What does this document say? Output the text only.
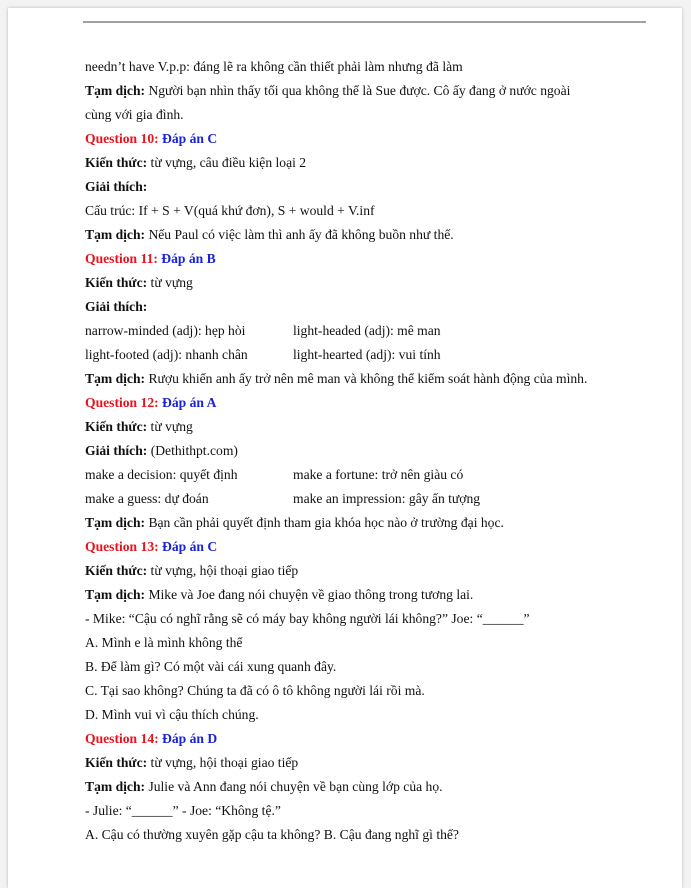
needn’t have V.p.p: đáng lẽ ra không cần thiết phải làm nhưng đã làm
Tạm dịch: Người bạn nhìn thấy tối qua không thể là Sue được. Cô ấy đang ở nước ngoài
cùng với gia đình.
Question 10: Đáp án C
Kiến thức: từ vựng, câu điều kiện loại 2
Giải thích:
Cấu trúc: If + S + V(quá khứ đơn), S + would + V.inf
Tạm dịch: Nếu Paul có việc làm thì anh ấy đã không buồn như thế.
Question 11: Đáp án B
Kiến thức: từ vựng
Giải thích:
narrow-minded (adj): hẹp hòi	light-headed (adj): mê man
light-footed (adj): nhanh chân	light-hearted (adj): vui tính
Tạm dịch: Rượu khiến anh ấy trở nên mê man và không thể kiểm soát hành động của mình.
Question 12: Đáp án A
Kiến thức: từ vựng
Giải thích: (Dethithpt.com)
make a decision: quyết định	make a fortune: trở nên giàu có
make a guess: dự đoán	make an impression: gây ấn tượng
Tạm dịch: Bạn cần phải quyết định tham gia khóa học nào ở trường đại học.
Question 13: Đáp án C
Kiến thức: từ vựng, hội thoại giao tiếp
Tạm dịch: Mike và Joe đang nói chuyện về giao thông trong tương lai.
- Mike: “Cậu có nghĩ rằng sẽ có máy bay không người lái không?” Joe: “______”
A. Mình e là mình không thể
B. Để làm gì? Có một vài cái xung quanh đây.
C. Tại sao không? Chúng ta đã có ô tô không người lái rồi mà.
D. Mình vui vì cậu thích chúng.
Question 14: Đáp án D
Kiến thức: từ vựng, hội thoại giao tiếp
Tạm dịch: Julie và Ann đang nói chuyện về bạn cùng lớp của họ.
- Julie: “______” - Joe: “Không tệ.”
A. Cậu có thường xuyên gặp cậu ta không? B. Cậu đang nghĩ gì thế?
